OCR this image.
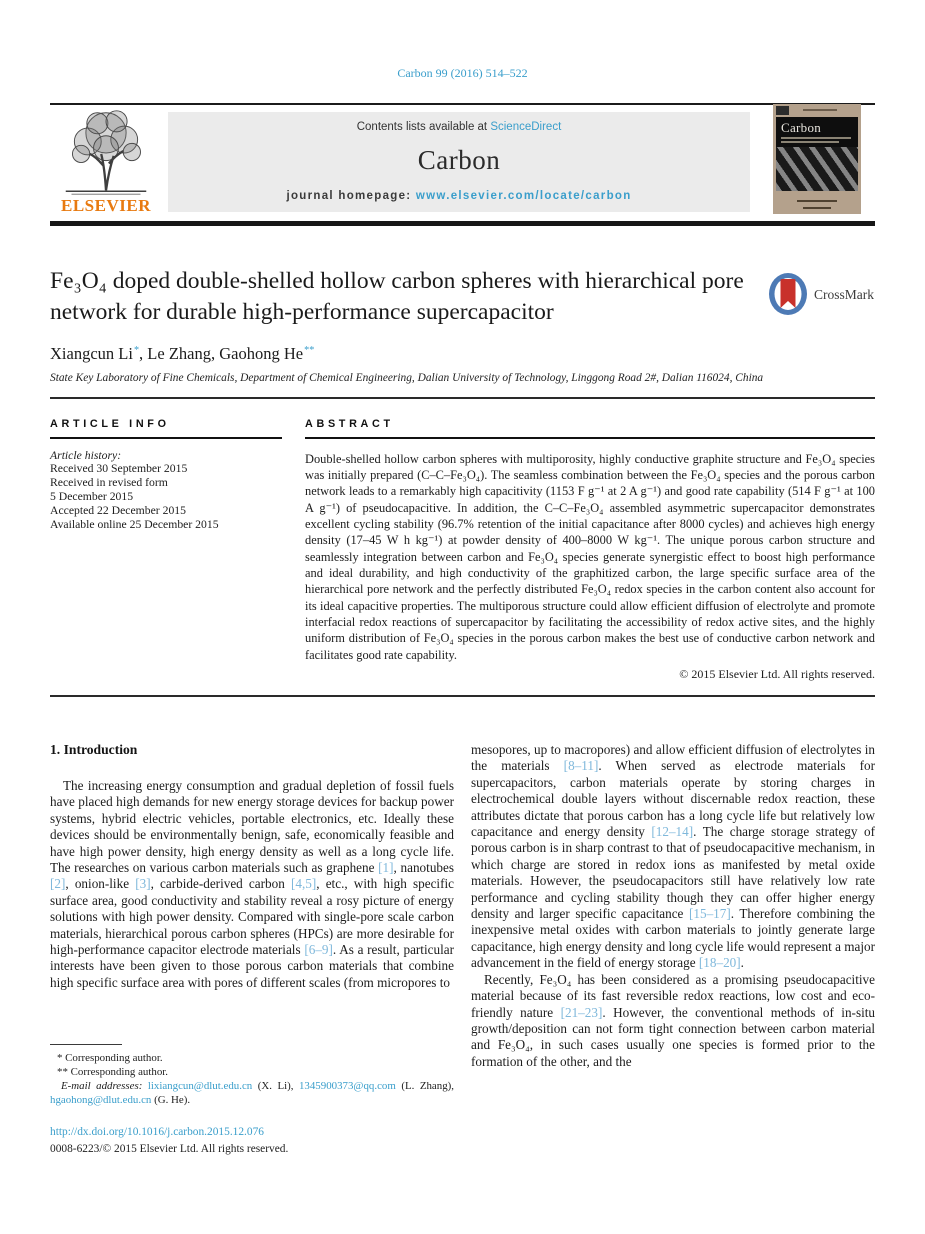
Carbon 99 (2016) 514–522
ELSEVIER
Contents lists available at ScienceDirect
Carbon
journal homepage: www.elsevier.com/locate/carbon
Carbon
Fe₃O₄ doped double-shelled hollow carbon spheres with hierarchical pore network for durable high-performance supercapacitor
CrossMark
Xiangcun Li*, Le Zhang, Gaohong He**
State Key Laboratory of Fine Chemicals, Department of Chemical Engineering, Dalian University of Technology, Linggong Road 2#, Dalian 116024, China
ARTICLE INFO
Article history:
Received 30 September 2015
Received in revised form
5 December 2015
Accepted 22 December 2015
Available online 25 December 2015
ABSTRACT
Double-shelled hollow carbon spheres with multiporosity, highly conductive graphite structure and Fe₃O₄ species was initially prepared (C–C–Fe₃O₄). The seamless combination between the Fe₃O₄ species and the porous carbon network leads to a remarkably high capacitivity (1153 F g⁻¹ at 2 A g⁻¹) and good rate capability (514 F g⁻¹ at 100 A g⁻¹) of pseudocapacitive. In addition, the C–C–Fe₃O₄ assembled asymmetric supercapacitor demonstrates excellent cycling stability (96.7% retention of the initial capacitance after 8000 cycles) and achieves high energy density (17–45 W h kg⁻¹) at powder density of 400–8000 W kg⁻¹. The unique porous carbon structure and seamlessly integration between carbon and Fe₃O₄ species generate synergistic effect to boost high performance and ideal durability, and high conductivity of the graphitized carbon, the large specific surface area of the hierarchical pore network and the perfectly distributed Fe₃O₄ redox species in the carbon content also account for its ideal capacitive properties. The multiporous structure could allow efficient diffusion of electrolyte and promote interfacial redox reactions of supercapacitor by facilitating the accessibility of redox active sites, and the highly uniform distribution of Fe₃O₄ species in the porous carbon makes the best use of conductive carbon network and facilitates good rate capability.
© 2015 Elsevier Ltd. All rights reserved.
1. Introduction
The increasing energy consumption and gradual depletion of fossil fuels have placed high demands for new energy storage devices for backup power systems, hybrid electric vehicles, portable electronics, etc. Ideally these devices should be environmentally benign, safe, economically feasible and have high power density, high energy density as well as a long cycle life. The researches on various carbon materials such as graphene [1], nanotubes [2], onion-like [3], carbide-derived carbon [4,5], etc., with high specific surface area, good conductivity and stability reveal a rosy picture of energy solutions with high power density. Compared with single-pore scale carbon materials, hierarchical porous carbon spheres (HPCs) are more desirable for high-performance capacitor electrode materials [6–9]. As a result, particular interests have been given to those porous carbon materials that combine high specific surface area with pores of different scales (from micropores to
mesopores, up to macropores) and allow efficient diffusion of electrolytes in the materials [8–11]. When served as electrode materials for supercapacitors, carbon materials operate by storing charges in electrochemical double layers without discernable redox reaction, these attributes dictate that porous carbon has a long cycle life but relatively low capacitance and energy density [12–14]. The charge storage strategy of porous carbon is in sharp contrast to that of pseudocapacitive mechanism, in which charge are stored in redox ions as manifested by metal oxide materials. However, the pseudocapacitors still have relatively low rate performance and cycling stability though they can offer higher energy density and larger specific capacitance [15–17]. Therefore combining the inexpensive metal oxides with carbon materials to jointly generate large capacitance, high energy density and long cycle life would represent a major advancement in the field of energy storage [18–20].
Recently, Fe₃O₄ has been considered as a promising pseudocapacitive material because of its fast reversible redox reactions, low cost and eco-friendly nature [21–23]. However, the conventional methods of in-situ growth/deposition can not form tight connection between carbon material and Fe₃O₄, in such cases usually one species is formed prior to the formation of the other, and the
* Corresponding author.
** Corresponding author.
E-mail addresses: lixiangcun@dlut.edu.cn (X. Li), 1345900373@qq.com (L. Zhang), hgaohong@dlut.edu.cn (G. He).
http://dx.doi.org/10.1016/j.carbon.2015.12.076
0008-6223/© 2015 Elsevier Ltd. All rights reserved.
